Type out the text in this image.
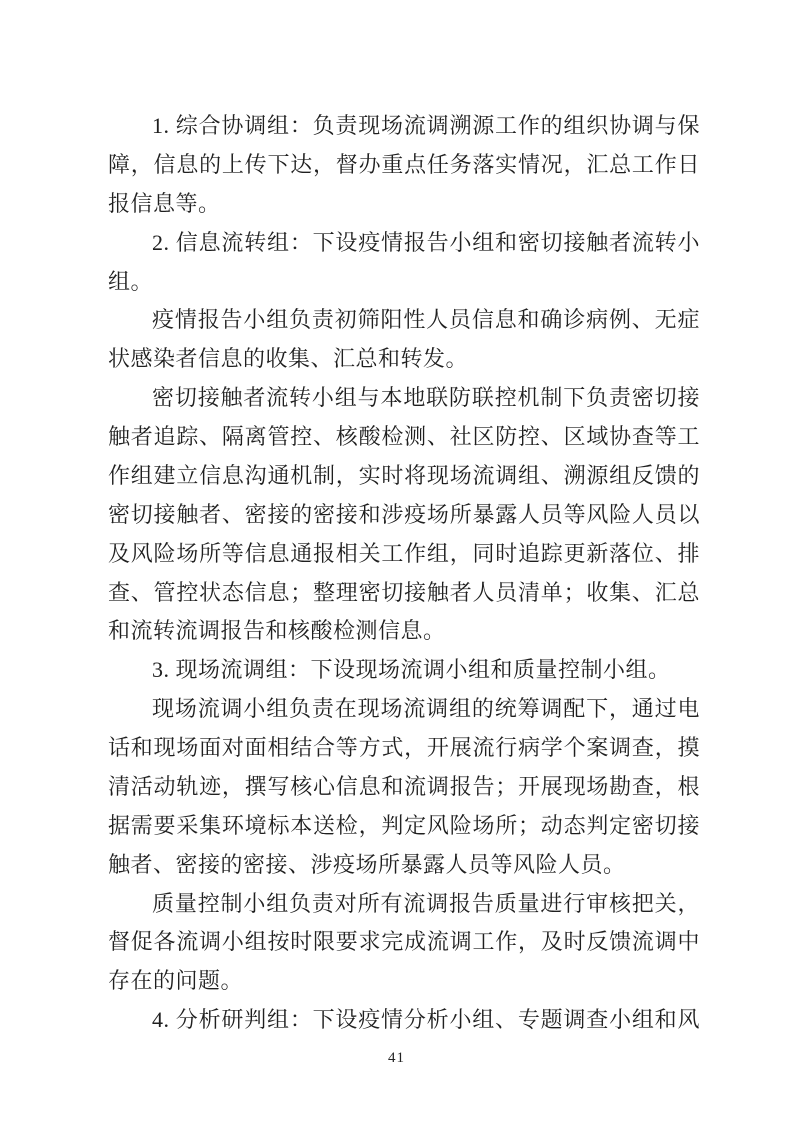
1. 综合协调组：负责现场流调溯源工作的组织协调与保
障，信息的上传下达，督办重点任务落实情况，汇总工作日
报信息等。
2. 信息流转组：下设疫情报告小组和密切接触者流转小
组。
疫情报告小组负责初筛阳性人员信息和确诊病例、无症
状感染者信息的收集、汇总和转发。
密切接触者流转小组与本地联防联控机制下负责密切接
触者追踪、隔离管控、核酸检测、社区防控、区域协查等工
作组建立信息沟通机制，实时将现场流调组、溯源组反馈的
密切接触者、密接的密接和涉疫场所暴露人员等风险人员以
及风险场所等信息通报相关工作组，同时追踪更新落位、排
查、管控状态信息；整理密切接触者人员清单；收集、汇总
和流转流调报告和核酸检测信息。
3. 现场流调组：下设现场流调小组和质量控制小组。
现场流调小组负责在现场流调组的统筹调配下，通过电
话和现场面对面相结合等方式，开展流行病学个案调查，摸
清活动轨迹，撰写核心信息和流调报告；开展现场勘查，根
据需要采集环境标本送检，判定风险场所；动态判定密切接
触者、密接的密接、涉疫场所暴露人员等风险人员。
质量控制小组负责对所有流调报告质量进行审核把关，
督促各流调小组按时限要求完成流调工作，及时反馈流调中
存在的问题。
4. 分析研判组：下设疫情分析小组、专题调查小组和风
41
